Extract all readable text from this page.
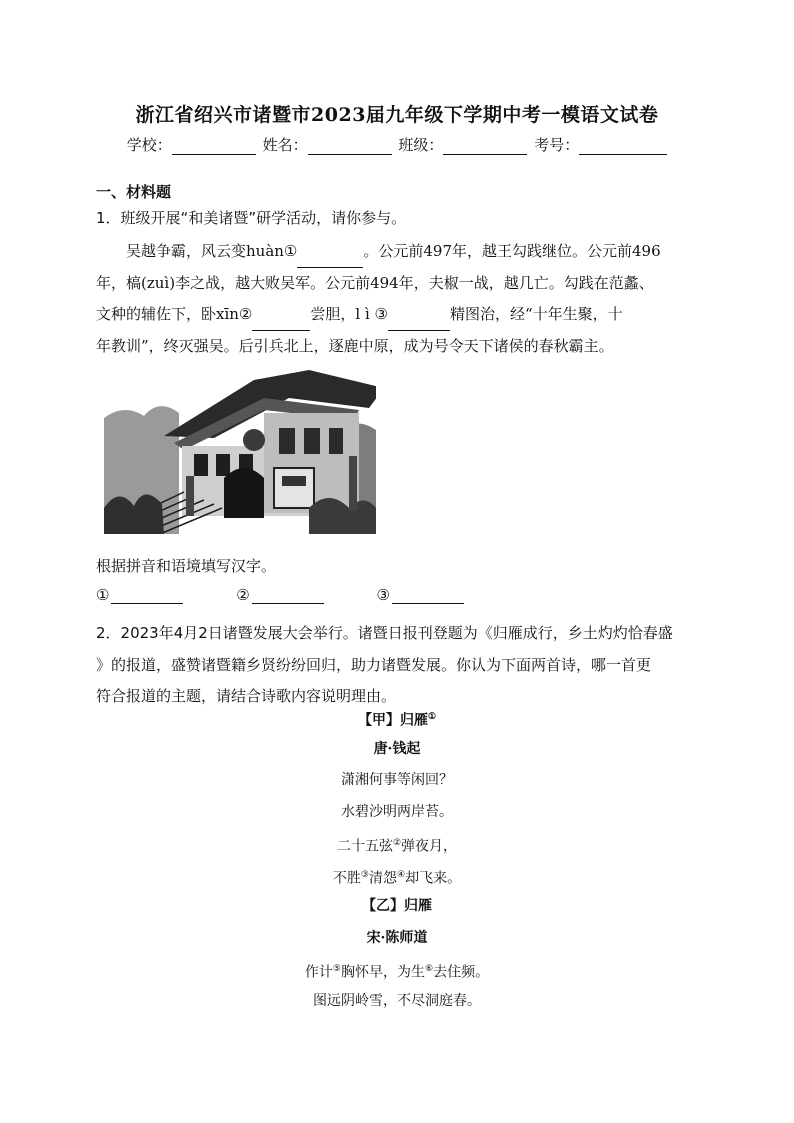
浙江省绍兴市诸暨市2023届九年级下学期中考一模语文试卷
学校：	姓名：	班级：	考号：
一、材料题
1．班级开展“和美诸暨”研学活动，请你参与。
吴越争霸，风云变huàn①	。公元前497年，越王勾践继位。公元前496
年，槁(zuì)李之战，越大败吴军。公元前494年，夫椒一战，越几亡。勾践在范蠡、
文种的辅佐下，卧xīn②	尝胆，l ì ③	精图治，经“十年生聚，十
年教训”，终灭强吴。后引兵北上，逐鹿中原，成为号令天下诸侯的春秋霸主。
根据拼音和语境填写汉字。
①	②	③
2．2023年4月2日诸暨发展大会举行。诸暨日报刊登题为《归雁成行，乡土灼灼恰春盛
》的报道，盛赞诸暨籍乡贤纷纷回归，助力诸暨发展。你认为下面两首诗，哪一首更
符合报道的主题，请结合诗歌内容说明理由。
【甲】归雁①
唐·钱起
潇湘何事等闲回？
水碧沙明两岸苔。
二十五弦②弹夜月，
不胜③清怨④却飞来。
【乙】归雁
宋·陈师道
作计⑤胸怀早，为生⑥去住频。
图远阴岭雪，不尽洞庭春。
